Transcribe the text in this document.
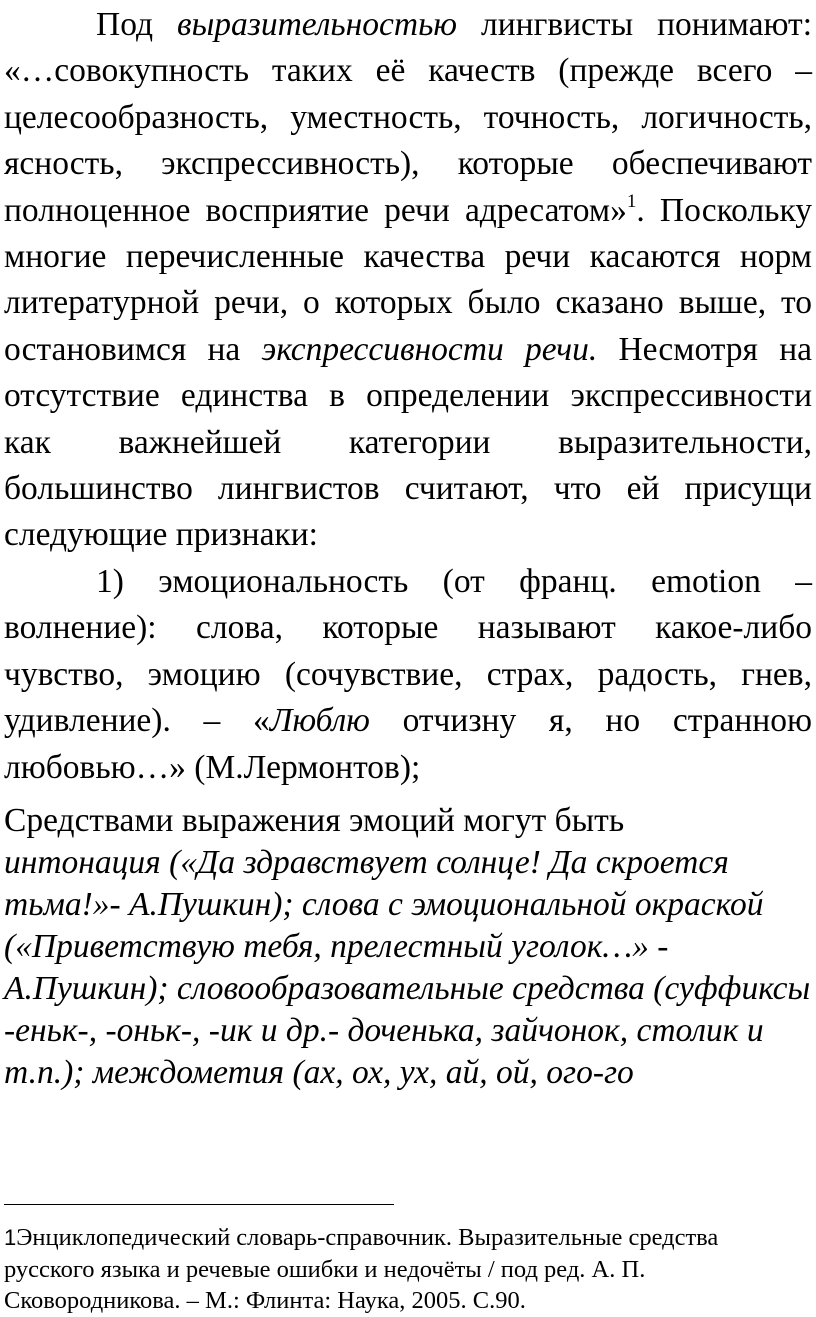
Под выразительностью лингвисты понимают: «…совокупность таких её качеств (прежде всего – целесообразность, уместность, точность, логичность, ясность, экспрессивность), которые обеспечивают полноценное восприятие речи адресатом»$^1$. Поскольку многие перечисленные качества речи касаются норм литературной речи, о которых было сказано выше, то остановимся на экспрессивности речи. Несмотря на отсутствие единства в определении экспрессивности как важнейшей категории выразительности, большинство лингвистов считают, что ей присущи следующие признаки:

1) эмоциональность (от франц. emotion – волнение): слова, которые называют какое-либо чувство, эмоцию (сочувствие, страх, радость, гнев, удивление). – «Люблю отчизну я, но странною любовью…» (М.Лермонтов);

Средствами выражения эмоций могут быть
интонация («Да здравствует солнце! Да скроется тьма!»- А.Пушкин); слова с эмоциональной окраской («Приветствую тебя, прелестный уголок…» - А.Пушкин); словообразовательные средства (суффиксы -еньк-, -оньк-, -ик и др.- доченька, зайчонок, столик и т.п.); междометия (ах, ох, ух, ай, ой, ого-го

1Энциклопедический словарь-справочник. Выразительные средства русского языка и речевые ошибки и недочёты / под ред. А. П. Сковородникова. – М.: Флинта: Наука, 2005. С.90.
